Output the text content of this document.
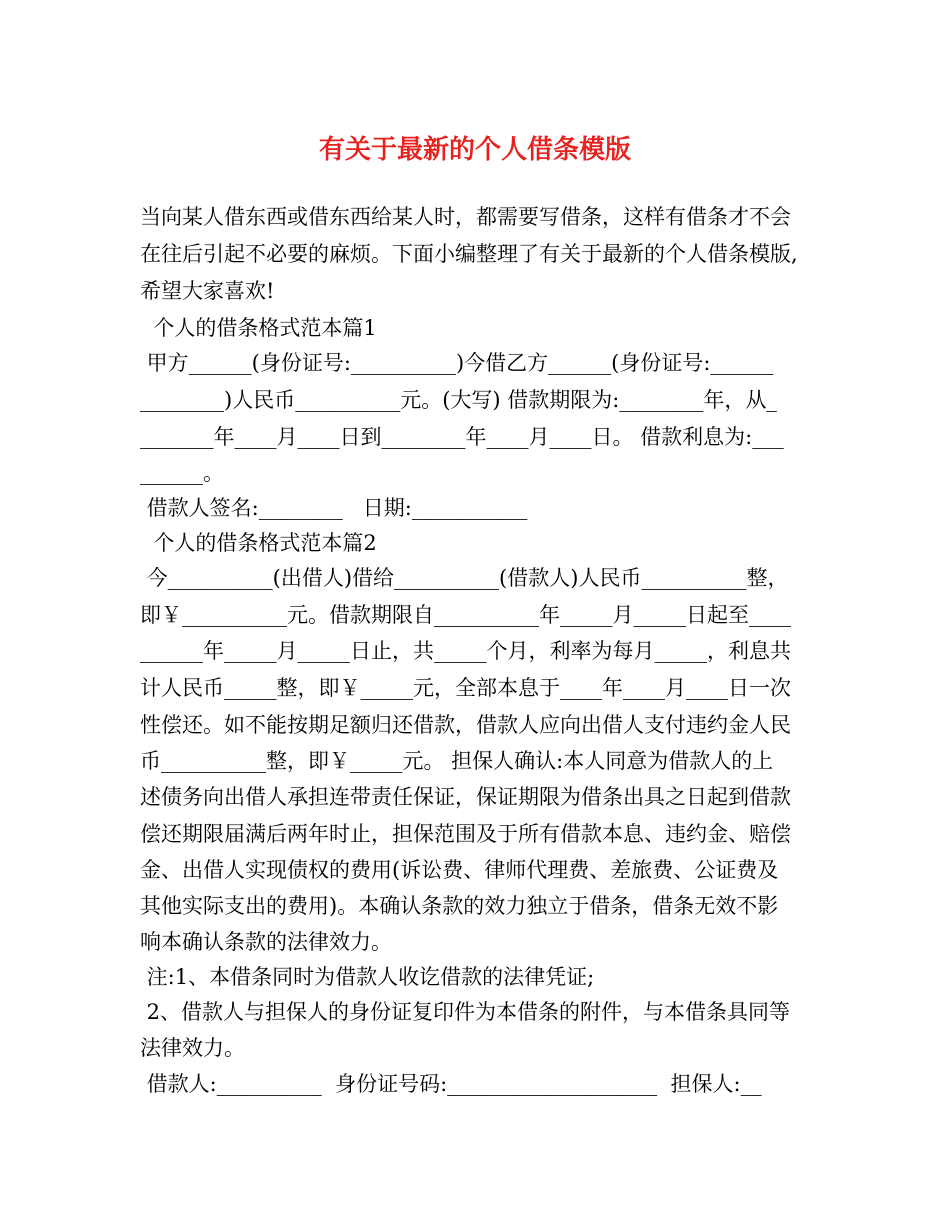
有关于最新的个人借条模版
当向某人借东西或借东西给某人时，都需要写借条，这样有借条才不会
在往后引起不必要的麻烦。下面小编整理了有关于最新的个人借条模版,
希望大家喜欢!
个人的借条格式范本篇1
甲方______(身份证号:__________)今借乙方______(身份证号:______
________)人民币__________元。(大写) 借款期限为:________年，从_
_______年____月____日到________年____月____日。 借款利息为:___
______。
借款人签名:________   日期:___________
个人的借条格式范本篇2
今__________(出借人)借给__________(借款人)人民币__________整，
即￥__________元。借款期限自__________年_____月_____日起至____
______年_____月_____日止，共_____个月，利率为每月_____，利息共
计人民币_____整，即￥_____元，全部本息于____年____月____日一次
性偿还。如不能按期足额归还借款，借款人应向出借人支付违约金人民
币__________整，即￥_____元。 担保人确认:本人同意为借款人的上
述债务向出借人承担连带责任保证，保证期限为借条出具之日起到借款
偿还期限届满后两年时止，担保范围及于所有借款本息、违约金、赔偿
金、出借人实现债权的费用(诉讼费、律师代理费、差旅费、公证费及
其他实际支出的费用)。本确认条款的效力独立于借条，借条无效不影
响本确认条款的法律效力。
注:1、本借条同时为借款人收讫借款的法律凭证;
2、借款人与担保人的身份证复印件为本借条的附件，与本借条具同等
法律效力。
借款人:__________  身份证号码:____________________  担保人:__
